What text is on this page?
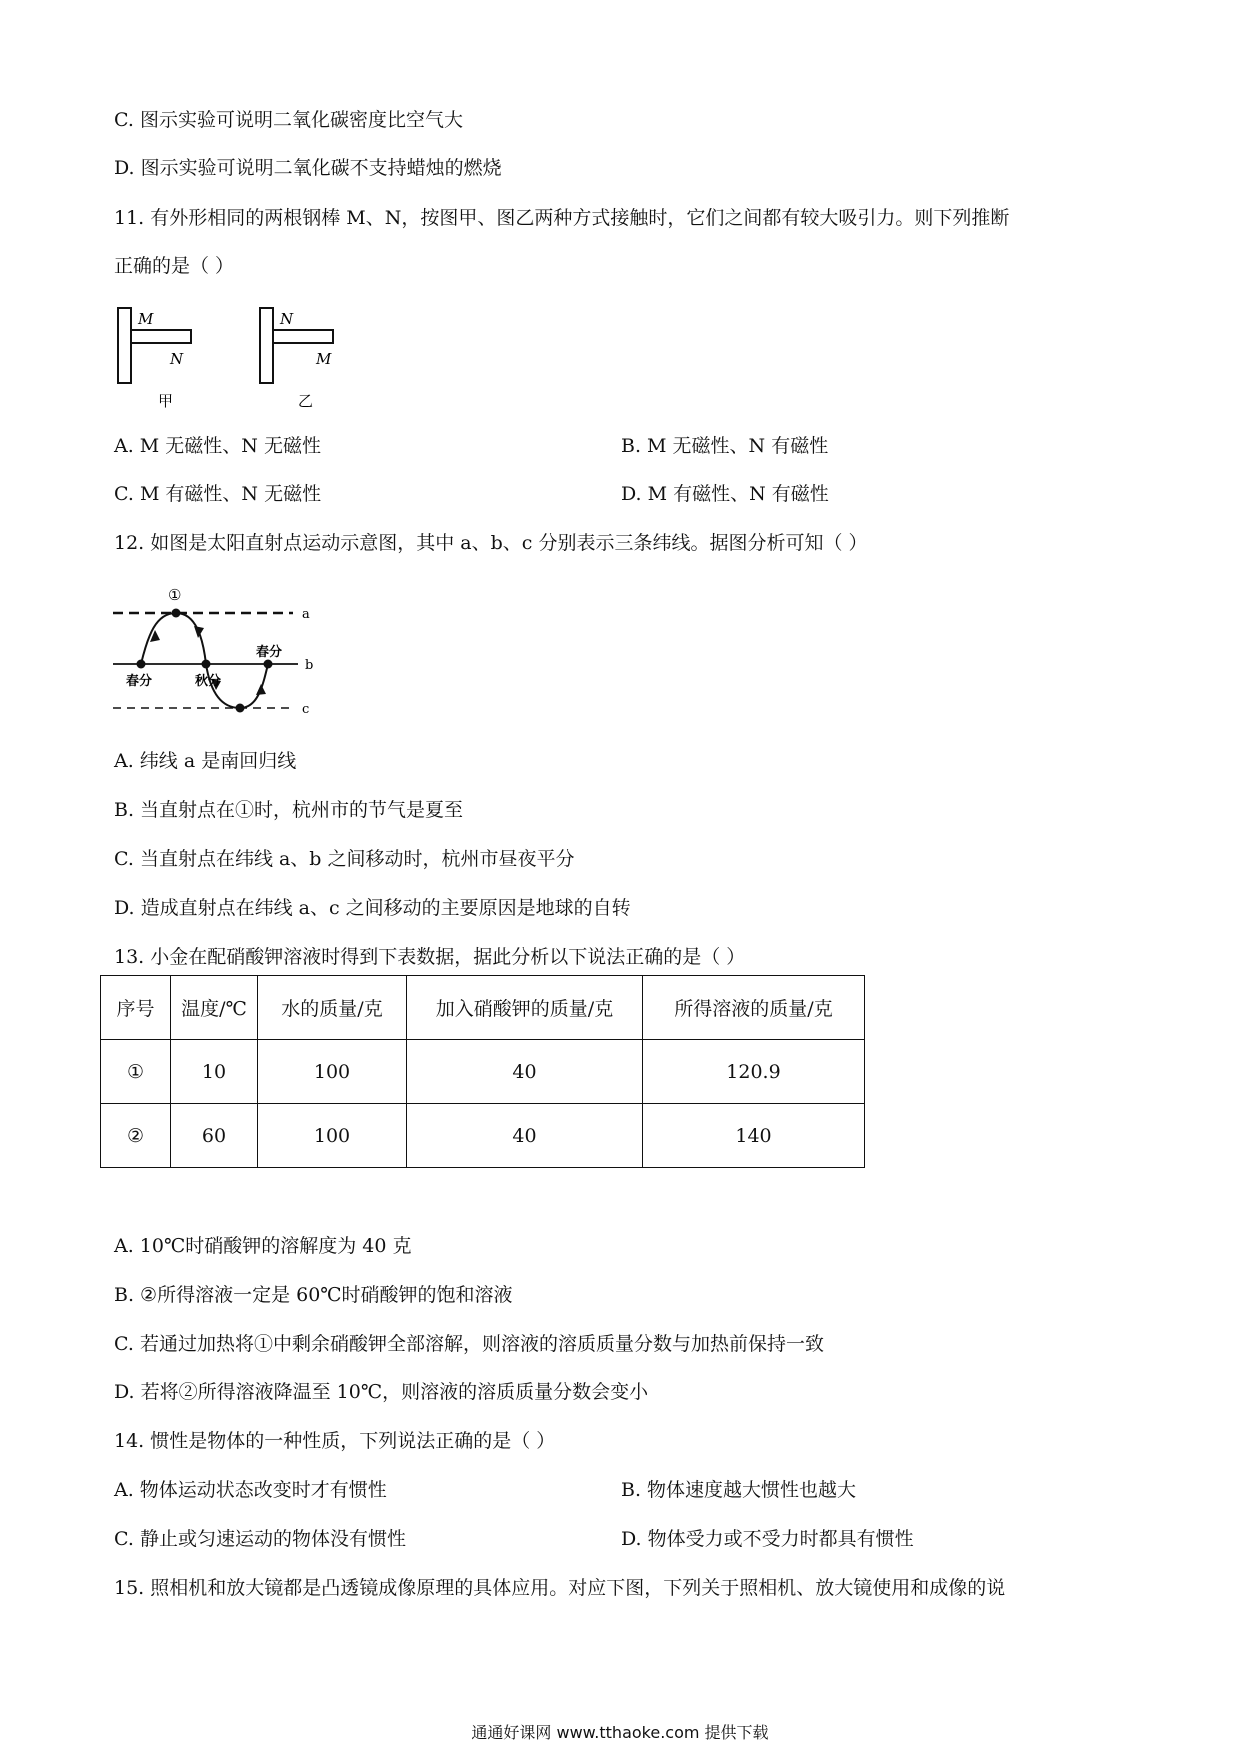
C. 图示实验可说明二氧化碳密度比空气大
D. 图示实验可说明二氧化碳不支持蜡烛的燃烧
11. 有外形相同的两根钢棒 M、N，按图甲、图乙两种方式接触时，它们之间都有较大吸引力。则下列推断
正确的是（ ）
M
N
甲
N
M
乙
A. M 无磁性、N 无磁性	B. M 无磁性、N 有磁性
C. M 有磁性、N 无磁性	D. M 有磁性、N 有磁性
12. 如图是太阳直射点运动示意图，其中 a、b、c 分别表示三条纬线。据图分析可知（ ）
a
b
c
①
春分	秋分
春分
A. 纬线 a 是南回归线
B. 当直射点在①时，杭州市的节气是夏至
C. 当直射点在纬线 a、b 之间移动时，杭州市昼夜平分
D. 造成直射点在纬线 a、c 之间移动的主要原因是地球的自转
13. 小金在配硝酸钾溶液时得到下表数据，据此分析以下说法正确的是（ ）
序号	温度/℃	水的质量/克	加入硝酸钾的质量/克	所得溶液的质量/克
①	10	100	40	120.9
②	60	100	40	140
A. 10℃时硝酸钾的溶解度为 40 克
B. ②所得溶液一定是 60℃时硝酸钾的饱和溶液
C. 若通过加热将①中剩余硝酸钾全部溶解，则溶液的溶质质量分数与加热前保持一致
D. 若将②所得溶液降温至 10℃，则溶液的溶质质量分数会变小
14. 惯性是物体的一种性质，下列说法正确的是（ ）
A. 物体运动状态改变时才有惯性	B. 物体速度越大惯性也越大
C. 静止或匀速运动的物体没有惯性	D. 物体受力或不受力时都具有惯性
15. 照相机和放大镜都是凸透镜成像原理的具体应用。对应下图，下列关于照相机、放大镜使用和成像的说
通通好课网 www.tthaoke.com 提供下载
